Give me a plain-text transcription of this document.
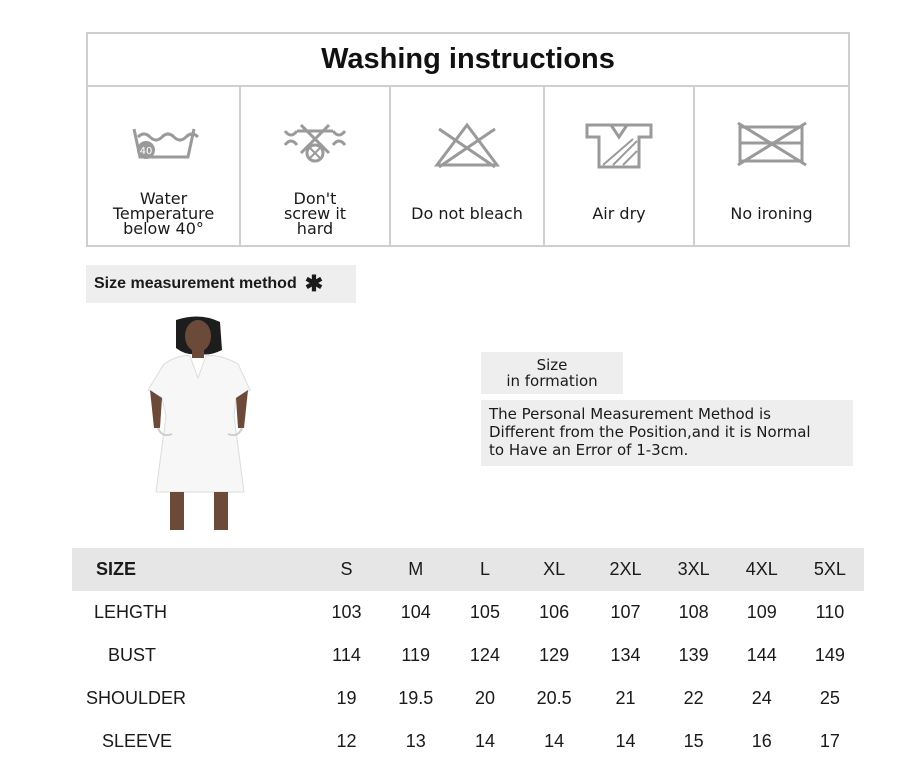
Washing instructions
40
Water
Temperature
below 40°
Don't
screw it
hard
Do not bleach	Air dry	No ironing
Size measurement method ✱
Size
in formation
The Personal Measurement Method is
Different from the Position,and it is Normal
to Have an Error of 1-3cm.
SIZE	S	M	L	XL	2XL	3XL	4XL	5XL
LEHGTH	103	104	105	106	107	108	109	110
BUST	114	119	124	129	134	139	144	149
SHOULDER	19	19.5	20	20.5	21	22	24	25
SLEEVE	12	13	14	14	14	15	16	17
